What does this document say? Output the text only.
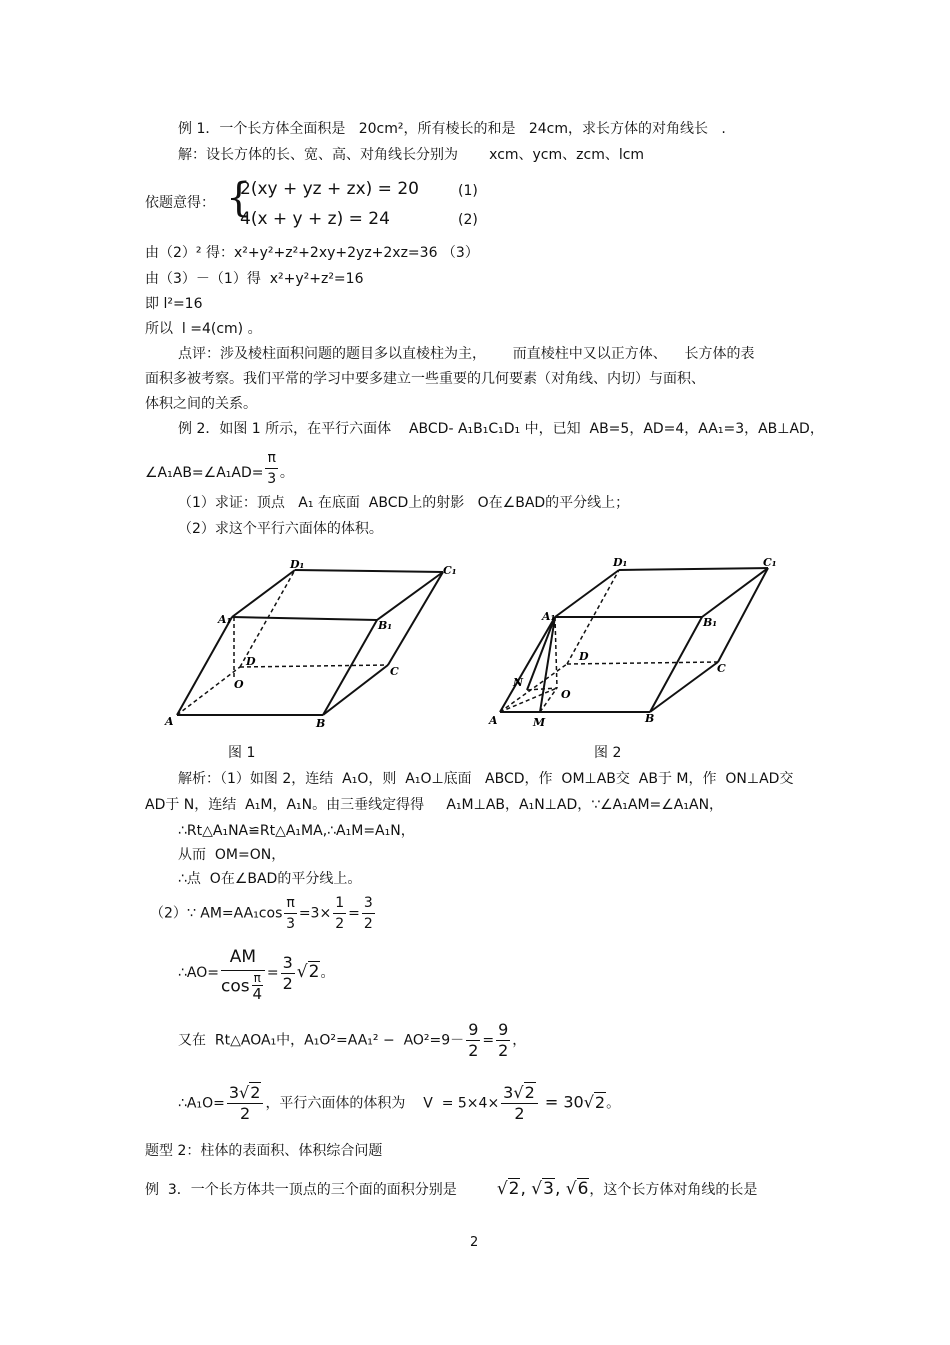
例 1．一个长方体全面积是   20cm²，所有棱长的和是   24cm，求长方体的对角线长   .
解：设长方体的长、宽、高、对角线长分别为       xcm、ycm、zcm、lcm
依题意得： {
2(xy + yz + zx) = 20	(1)
4(x + y + z) = 24	(2)
由（2）² 得：x²+y²+z²+2xy+2yz+2xz=36 （3）
由（3）－（1）得  x²+y²+z²=16
即 l²=16
所以  l =4(cm) 。
点评：涉及棱柱面积问题的题目多以直棱柱为主，      而直棱柱中又以正方体、    长方体的表
面积多被考察。我们平常的学习中要多建立一些重要的几何要素（对角线、内切）与面积、
体积之间的关系。
例 2．如图 1 所示，在平行六面体    ABCD- A₁B₁C₁D₁ 中，已知  AB=5，AD=4，AA₁=3，AB⊥AD，
∠A₁AB=∠A₁AD= $\frac{\pi}{3}$ 。
（1）求证：顶点   A₁ 在底面  ABCD上的射影   O在∠BAD的平分线上；
（2）求这个平行六面体的体积。
A	B
C
D
A₁	B₁
C₁
D₁
O
图 1
A	M	B
C
D
A₁	B₁
C₁
D₁
O
N
图 2
解析：（1）如图 2，连结  A₁O，则  A₁O⊥底面   ABCD，作  OM⊥AB交  AB于 M，作  ON⊥AD交
AD于 N，连结  A₁M，A₁N。由三垂线定得得     A₁M⊥AB，A₁N⊥AD，∵∠A₁AM=∠A₁AN，
∴Rt△A₁NA≌Rt△A₁MA,∴A₁M=A₁N，
从而  OM=ON，
∴点  O在∠BAD的平分线上。
（2）∵ $AM=AA_1\cos \frac{\pi}{3} =3\times \frac{1}{2} = \frac{3}{2}$
∴AO= $\frac{AM}{\cos \frac{\pi}{4}} = \frac{3}{2} √2$。
又在  Rt△AOA₁中，$A_1O^2=AA_1^2 - AO^2=9- \frac{9}{2} = \frac{9}{2}$ ，
∴A₁O= $\frac{3√2}{2}$ ，平行六面体的体积为    $V = 5\times 4\times \frac{3√2}{2} = 30√2$。
题型 2：柱体的表面积、体积综合问题
例  3．一个长方体共一顶点的三个面的面积分别是 √2, √3, √6，这个长方体对角线的长是
2
